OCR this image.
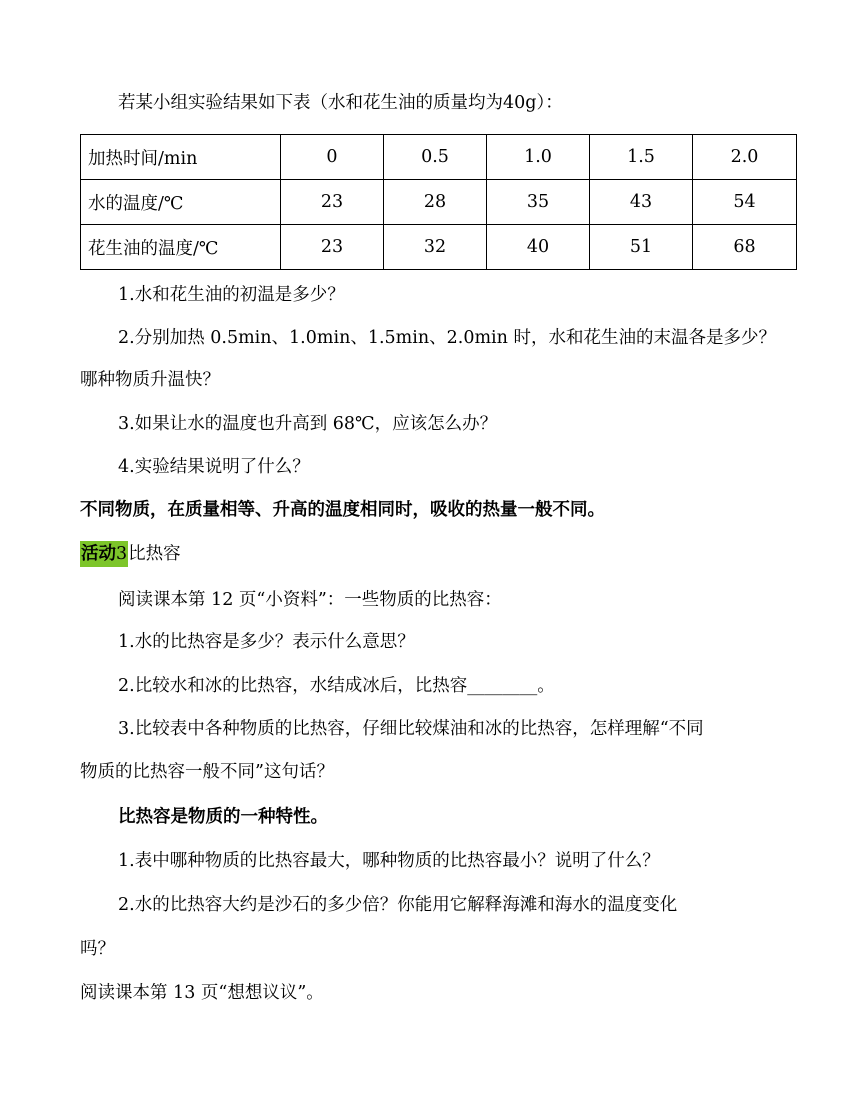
若某小组实验结果如下表（水和花生油的质量均为40g）：
加热时间/min	0	0.5	1.0	1.5	2.0
水的温度/℃	23	28	35	43	54
花生油的温度/℃	23	32	40	51	68
1.水和花生油的初温是多少？
2.分别加热 0.5min、1.0min、1.5min、2.0min 时，水和花生油的末温各是多少？
哪种物质升温快？
3.如果让水的温度也升高到 68℃，应该怎么办？
4.实验结果说明了什么？
不同物质，在质量相等、升高的温度相同时，吸收的热量一般不同。
活动3比热容
阅读课本第 12 页“小资料”：一些物质的比热容：
1.水的比热容是多少？表示什么意思？
2.比较水和冰的比热容，水结成冰后，比热容________。
3.比较表中各种物质的比热容，仔细比较煤油和冰的比热容，怎样理解“不同
物质的比热容一般不同”这句话？
比热容是物质的一种特性。
1.表中哪种物质的比热容最大，哪种物质的比热容最小？说明了什么？
2.水的比热容大约是沙石的多少倍？你能用它解释海滩和海水的温度变化
吗？
阅读课本第 13 页“想想议议”。
